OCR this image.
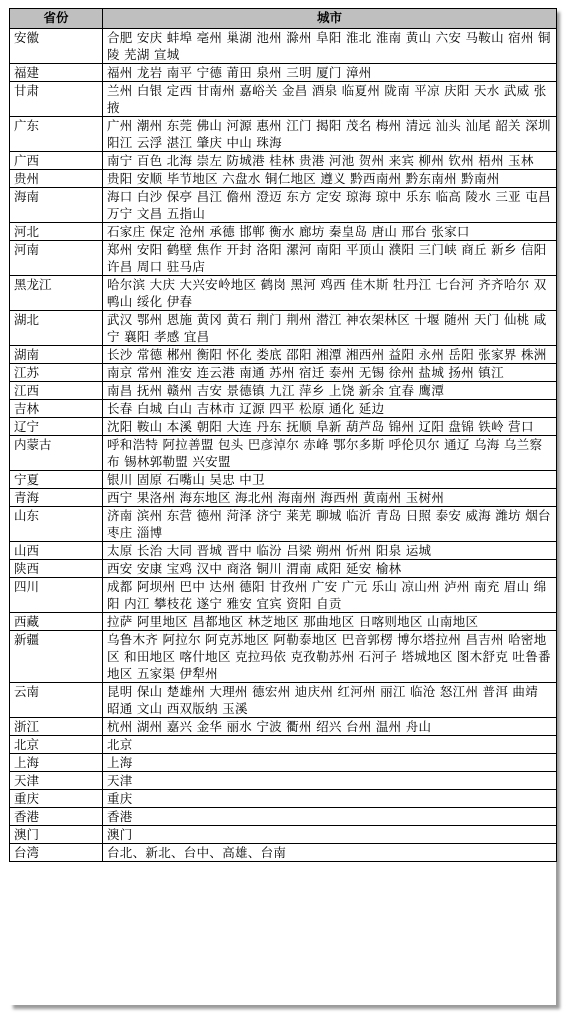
省份	城市
安徽	合肥 安庆 蚌埠 亳州 巢湖 池州 滁州 阜阳 淮北 淮南 黄山 六安 马鞍山 宿州 铜陵 芜湖 宣城
福建	福州 龙岩 南平 宁德 莆田 泉州 三明 厦门 漳州
甘肃	兰州 白银 定西 甘南州 嘉峪关 金昌 酒泉 临夏州 陇南 平凉 庆阳 天水 武威 张掖
广东	广州 潮州 东莞 佛山 河源 惠州 江门 揭阳 茂名 梅州 清远 汕头 汕尾 韶关 深圳 阳江 云浮 湛江 肇庆 中山 珠海
广西	南宁 百色 北海 崇左 防城港 桂林 贵港 河池 贺州 来宾 柳州 钦州 梧州 玉林
贵州	贵阳 安顺 毕节地区 六盘水 铜仁地区 遵义 黔西南州 黔东南州 黔南州
海南	海口 白沙 保亭 昌江 儋州 澄迈 东方 定安 琼海 琼中 乐东 临高 陵水 三亚 屯昌 万宁 文昌 五指山
河北	石家庄 保定 沧州 承德 邯郸 衡水 廊坊 秦皇岛 唐山 邢台 张家口
河南	郑州 安阳 鹤壁 焦作 开封 洛阳 漯河 南阳 平顶山 濮阳 三门峡 商丘 新乡 信阳 许昌 周口 驻马店
黑龙江	哈尔滨 大庆 大兴安岭地区 鹤岗 黑河 鸡西 佳木斯 牡丹江 七台河 齐齐哈尔 双鸭山 绥化 伊春
湖北	武汉 鄂州 恩施 黄冈 黄石 荆门 荆州 潜江 神农架林区 十堰 随州 天门 仙桃 咸宁 襄阳 孝感 宜昌
湖南	长沙 常德 郴州 衡阳 怀化 娄底 邵阳 湘潭 湘西州 益阳 永州 岳阳 张家界 株洲
江苏	南京 常州 淮安 连云港 南通 苏州 宿迁 泰州 无锡 徐州 盐城 扬州 镇江
江西	南昌 抚州 赣州 吉安 景德镇 九江 萍乡 上饶 新余 宜春 鹰潭
吉林	长春 白城 白山 吉林市 辽源 四平 松原 通化 延边
辽宁	沈阳 鞍山 本溪 朝阳 大连 丹东 抚顺 阜新 葫芦岛 锦州 辽阳 盘锦 铁岭 营口
内蒙古	呼和浩特 阿拉善盟 包头 巴彦淖尔 赤峰 鄂尔多斯 呼伦贝尔 通辽 乌海 乌兰察布 锡林郭勒盟 兴安盟
宁夏	银川 固原 石嘴山 吴忠 中卫
青海	西宁 果洛州 海东地区 海北州 海南州 海西州 黄南州 玉树州
山东	济南 滨州 东营 德州 菏泽 济宁 莱芜 聊城 临沂 青岛 日照 泰安 威海 潍坊 烟台 枣庄 淄博
山西	太原 长治 大同 晋城 晋中 临汾 吕梁 朔州 忻州 阳泉 运城
陕西	西安 安康 宝鸡 汉中 商洛 铜川 渭南 咸阳 延安 榆林
四川	成都 阿坝州 巴中 达州 德阳 甘孜州 广安 广元 乐山 凉山州 泸州 南充 眉山 绵阳 内江 攀枝花 遂宁 雅安 宜宾 资阳 自贡
西藏	拉萨 阿里地区 昌都地区 林芝地区 那曲地区 日喀则地区 山南地区
新疆	乌鲁木齐 阿拉尔 阿克苏地区 阿勒泰地区 巴音郭楞 博尔塔拉州 昌吉州 哈密地区 和田地区 喀什地区 克拉玛依 克孜勒苏州 石河子 塔城地区 图木舒克 吐鲁番地区 五家渠 伊犁州
云南	昆明 保山 楚雄州 大理州 德宏州 迪庆州 红河州 丽江 临沧 怒江州 普洱 曲靖 昭通 文山 西双版纳 玉溪
浙江	杭州 湖州 嘉兴 金华 丽水 宁波 衢州 绍兴 台州 温州 舟山
北京	北京
上海	上海
天津	天津
重庆	重庆
香港	香港
澳门	澳门
台湾	台北、新北、台中、高雄、台南
